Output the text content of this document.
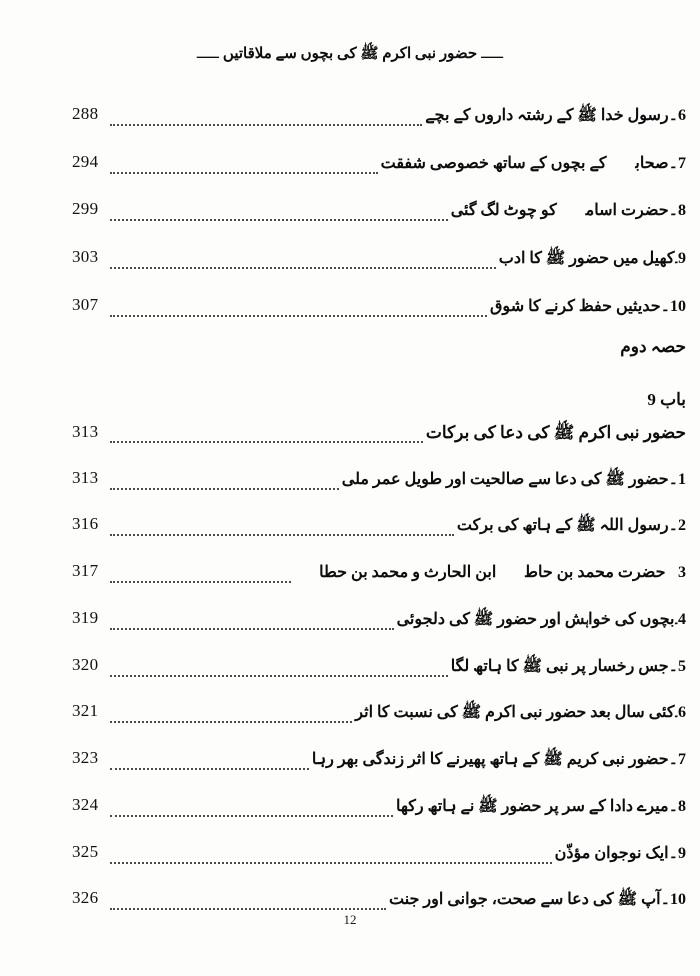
ـــــحضور نبی اکرم ﷺ کی بچوں سے ملاقاتیںـــــ
288	6۔رسول خدا ﷺ کے رشتہ داروں کے بچے
294	7۔صحابیؓ کے بچوں کے ساتھ خصوصی شفقت
299	8۔حضرت اسامہؓ کو چوٹ لگ گئی
303	9۔کھیل میں حضور ﷺ کا ادب
307	10۔حدیثیں حفظ کرنے کا شوق
حصہ دوم
باب 9
313	حضور نبی اکرم ﷺ کی دعا کی برکات
313	1۔حضور ﷺ کی دعا سے صالحیت اور طویل عمر ملی
316	2۔رسول اللہ ﷺ کے ہاتھ کی برکت
317	3۔حضرت محمد بن حاطبؓ ابن الحارث و محمد بن حطابؓ
319	4۔بچوں کی خواہش اور حضور ﷺ کی دلجوئی
320	5۔جس رخسار پر نبی ﷺ کا ہاتھ لگا
321	6۔کئی سال بعد حضور نبی اکرم ﷺ کی نسبت کا اثر
323	7۔حضور نبی کریم ﷺ کے ہاتھ پھیرنے کا اثر زندگی بھر رہا
324	8۔میرے دادا کے سر پر حضور ﷺ نے ہاتھ رکھا
325	9۔ایک نوجوان مؤذّن
326	10۔آپ ﷺ کی دعا سے صحت، جوانی اور جنت
12
